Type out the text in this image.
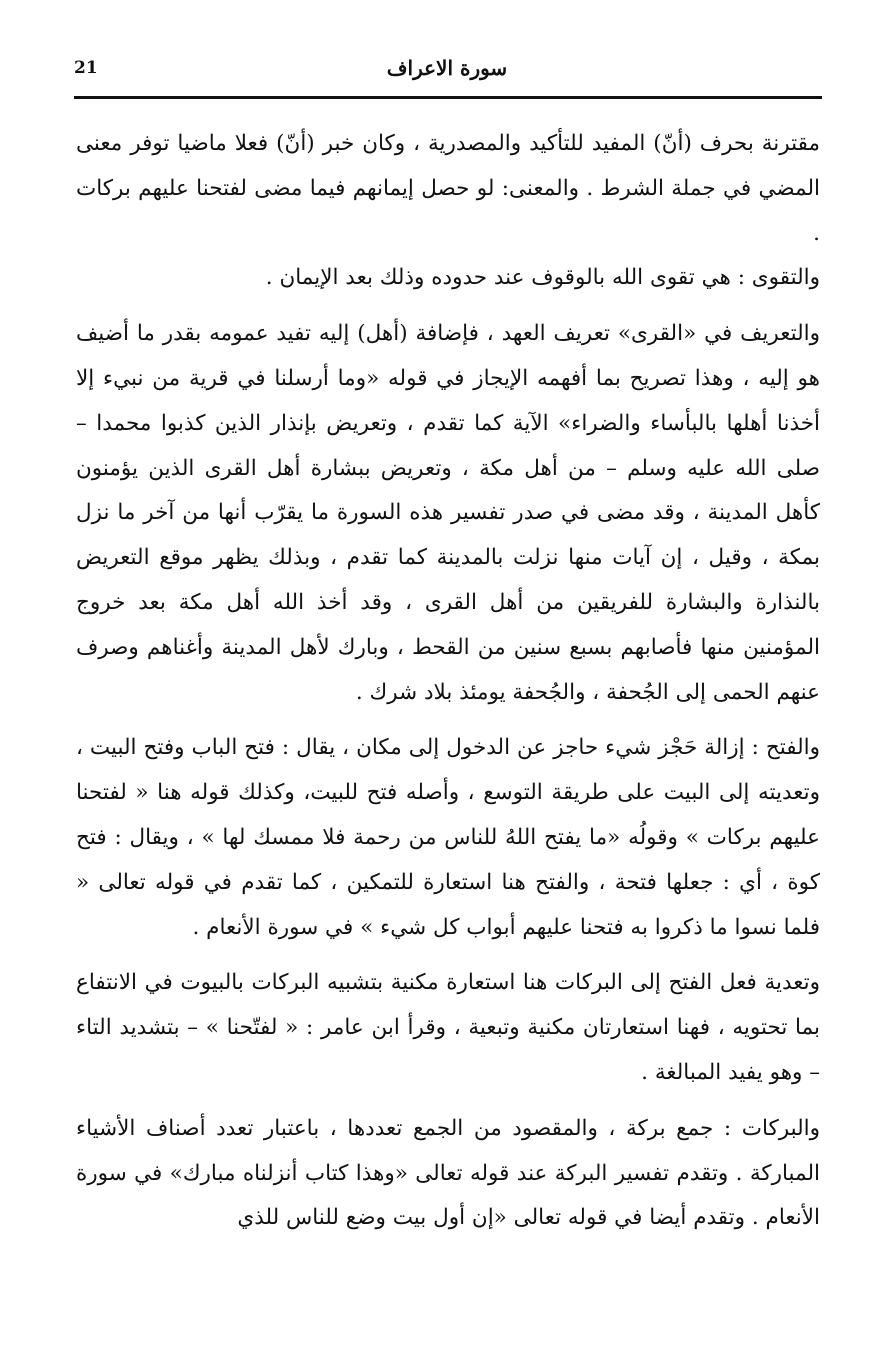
21	سورة الاعراف

مقترنة بحرف (أنّ) المفيد للتأكيد والمصدرية ، وكان خبر (أنّ) فعلا ماضيا توفر معنى المضي في جملة الشرط . والمعنى: لو حصل إيمانهم فيما مضى لفتحنا عليهم بركات .

والتقوى : هي تقوى الله بالوقوف عند حدوده وذلك بعد الإيمان .

والتعريف في «القرى» تعريف العهد ، فإضافة (أهل) إليه تفيد عمومه بقدر ما أضيف هو إليه ، وهذا تصريح بما أفهمه الإيجاز في قوله «وما أرسلنا في قرية من نبيء إلا أخذنا أهلها بالبأساء والضراء» الآية كما تقدم ، وتعريض بإنذار الذين كذبوا محمدا – صلى الله عليه وسلم – من أهل مكة ، وتعريض ببشارة أهل القرى الذين يؤمنون كأهل المدينة ، وقد مضى في صدر تفسير هذه السورة ما يقرّب أنها من آخر ما نزل بمكة ، وقيل ، إن آيات منها نزلت بالمدينة كما تقدم ، وبذلك يظهر موقع التعريض بالنذارة والبشارة للفريقين من أهل القرى ، وقد أخذ الله أهل مكة بعد خروج المؤمنين منها فأصابهم بسبع سنين من القحط ، وبارك لأهل المدينة وأغناهم وصرف عنهم الحمى إلى الجُحفة ، والجُحفة يومئذ بلاد شرك .

والفتح : إزالة حَجْز شيء حاجز عن الدخول إلى مكان ، يقال : فتح الباب وفتح البيت ، وتعديته إلى البيت على طريقة التوسع ، وأصله فتح للبيت، وكذلك قوله هنا « لفتحنا عليهم بركات » وقولُه «ما يفتح اللهُ للناس من رحمة فلا ممسك لها » ، ويقال : فتح كوة ، أي : جعلها فتحة ، والفتح هنا استعارة للتمكين ، كما تقدم في قوله تعالى « فلما نسوا ما ذكروا به فتحنا عليهم أبواب كل شيء » في سورة الأنعام .

وتعدية فعل الفتح إلى البركات هنا استعارة مكنية بتشبيه البركات بالبيوت في الانتفاع بما تحتويه ، فهنا استعارتان مكنية وتبعية ، وقرأ ابن عامر : « لفتّحنا » – بتشديد التاء – وهو يفيد المبالغة .

والبركات : جمع بركة ، والمقصود من الجمع تعددها ، باعتبار تعدد أصناف الأشياء المباركة . وتقدم تفسير البركة عند قوله تعالى «وهذا كتاب أنزلناه مبارك» في سورة الأنعام . وتقدم أيضا في قوله تعالى «إن أول بيت وضع للناس للذي
